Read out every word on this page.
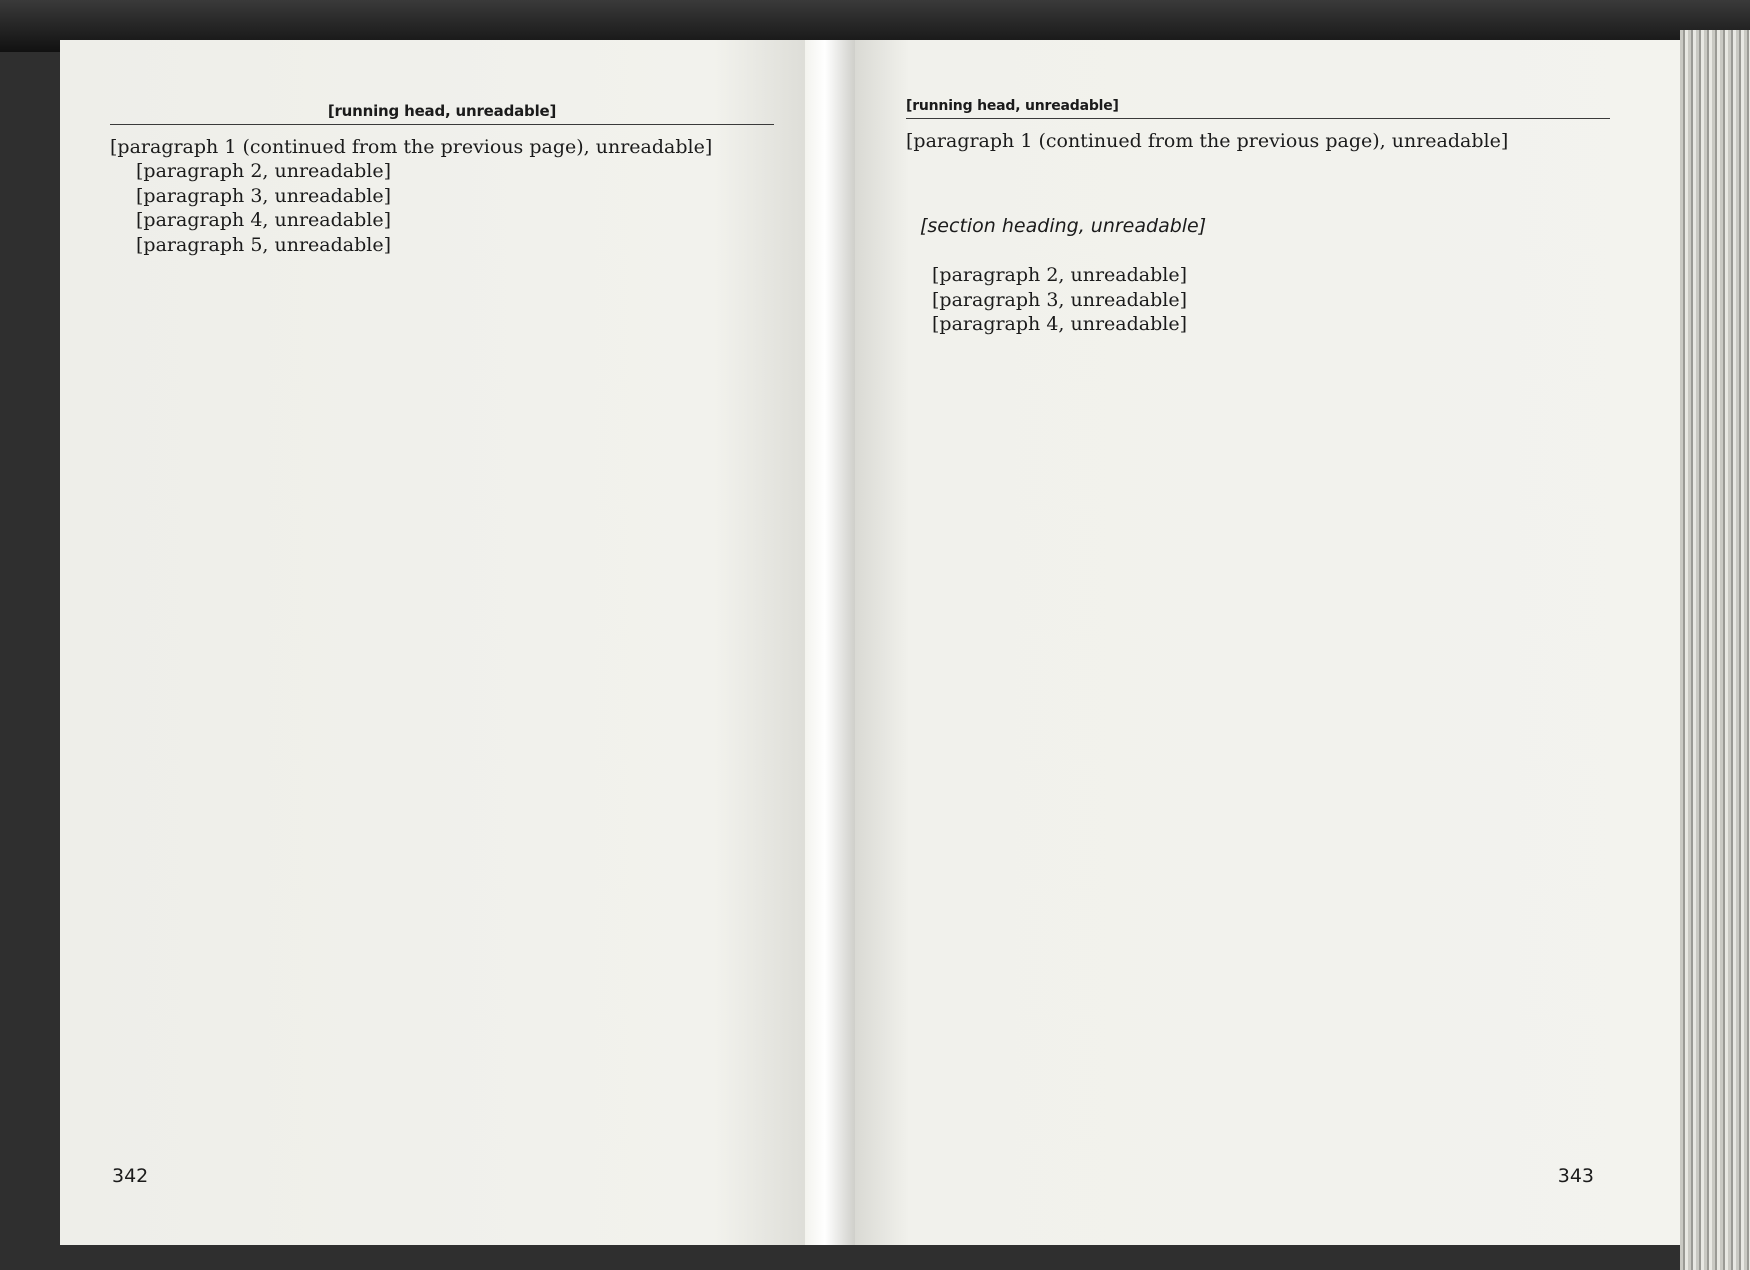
[running head, unreadable]

[paragraph 1 (continued from the previous page), unreadable]

[paragraph 2, unreadable]

[paragraph 3, unreadable]

[paragraph 4, unreadable]

[paragraph 5, unreadable]

342
[running head, unreadable]

[paragraph 1 (continued from the previous page), unreadable]

[section heading, unreadable]

[paragraph 2, unreadable]

[paragraph 3, unreadable]

[paragraph 4, unreadable]

343
